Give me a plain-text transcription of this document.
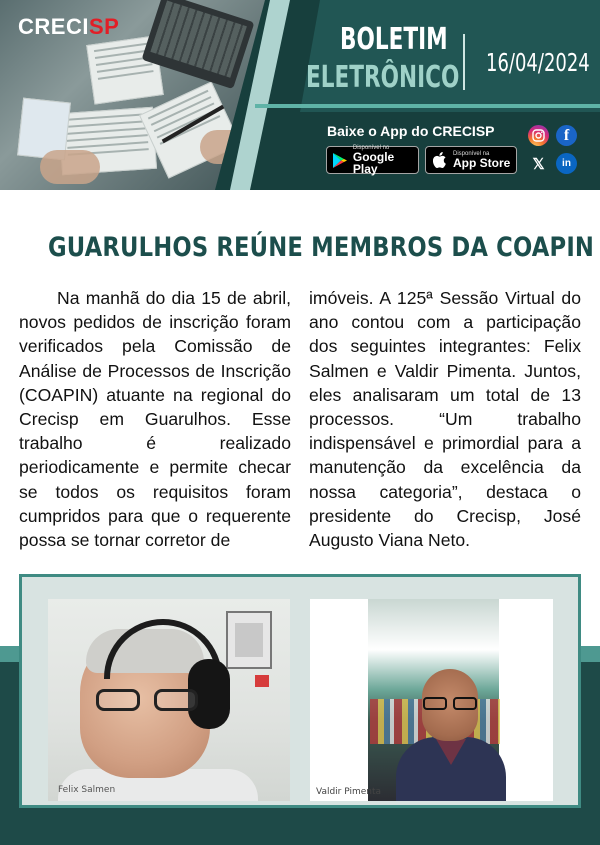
CRECISP	BOLETIM
ELETRÔNICO 16/04/2024
Baixe o App do CRECISP
Disponível no
Google Play
Disponível na
App Store
f
𝕏	in
GUARULHOS REÚNE MEMBROS DA COAPIN

Na manhã do dia 15 de abril, novos pedidos de inscrição foram verificados pela Comissão de Análise de Processos de Inscrição (COAPIN) atuante na regional do Crecisp em Guarulhos. Esse trabalho é realizado periodicamente e permite checar se todos os requisitos foram cumpridos para que o requerente possa se tornar corretor de

imóveis. A 125ª Sessão Virtual do ano contou com a participação dos seguintes integrantes: Felix Salmen e Valdir Pimenta. Juntos, eles analisaram um total de 13 processos. “Um trabalho indispensável e primordial para a manutenção da excelência da nossa categoria”, destaca o presidente do Crecisp, José Augusto Viana Neto.

Felix Salmen	Valdir Pimenta
